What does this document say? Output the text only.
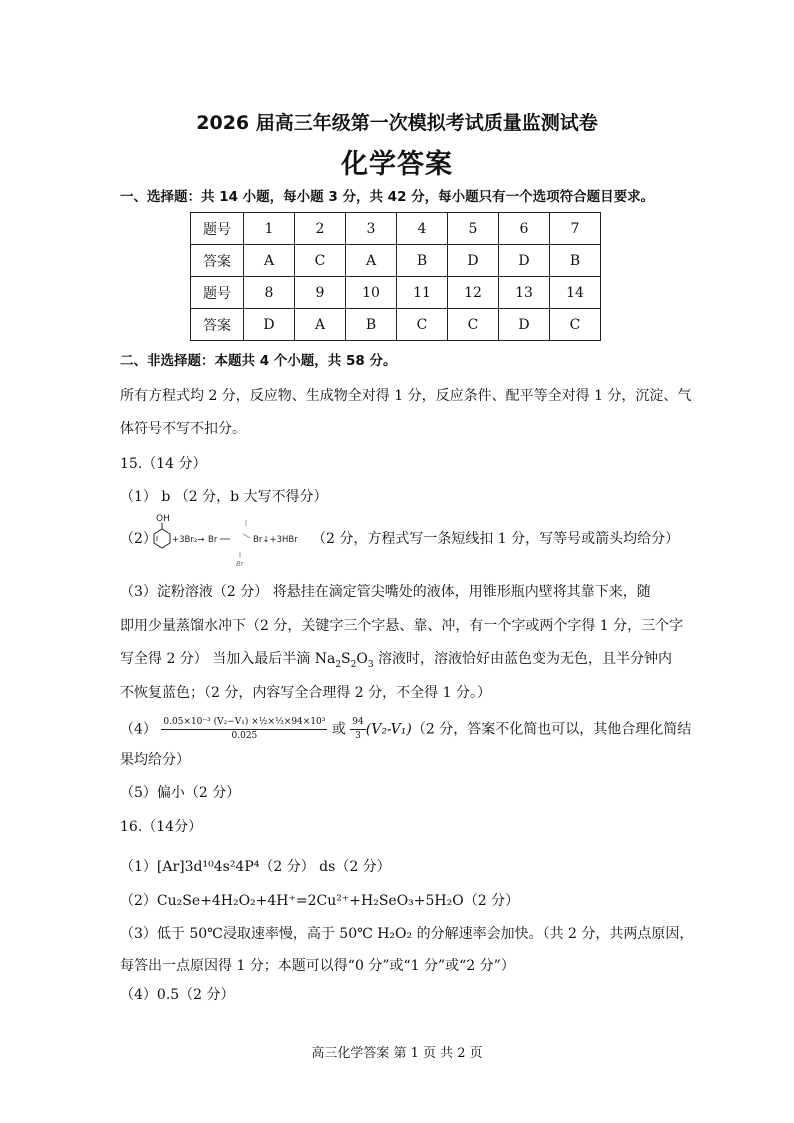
2026 届高三年级第一次模拟考试质量监测试卷
化学答案
一、选择题：共 14 小题，每小题 3 分，共 42 分，每小题只有一个选项符合题目要求。
题号	1	2	3	4	5	6	7
答案	A	C	A	B	D	D	B
题号	8	9	10	11	12	13	14
答案	D	A	B	C	C	D	C
二、非选择题：本题共 4 个小题，共 58 分。
所有方程式均 2 分，反应物、生成物全对得 1 分，反应条件、配平等全对得 1 分，沉淀、气
体符号不写不扣分。
15.（14 分）
（1） b （2 分，b 大写不得分）
（2）
OH
+3Br₂→ Br	Br↓+3HBr
Br
（2 分，方程式写一条短线扣 1 分，写等号或箭头均给分）
（3）淀粉溶液（2 分） 将悬挂在滴定管尖嘴处的液体，用锥形瓶内壁将其靠下来，随
即用少量蒸馏水冲下（2 分，关键字三个字悬、靠、冲，有一个字或两个字得 1 分，三个字
写全得 2 分） 当加入最后半滴 $Na_2S_2O_3$ 溶液时，溶液恰好由蓝色变为无色，且半分钟内
不恢复蓝色；（2 分，内容写全合理得 2 分，不全得 1 分。）
$(4) \frac{\text{0.05×10⁻³ (V₂−V₁) ×½×⅓×94×10³}}{0.025}$ 或 $\frac{94}{3} (V_2-V_1)(2$ 分，答案不化简也可以，其他合理化简结
果均给分）
（5）偏小（2 分）
16.（14分）
（1）[Ar]3d¹⁰4s²4P⁴（2 分） ds（2 分）
（2）Cu₂Se+4H₂O₂+4H⁺=2Cu²⁺+H₂SeO₃+5H₂O（2 分）
（3）低于 50℃浸取速率慢，高于 50℃ H₂O₂ 的分解速率会加快。（共 2 分，共两点原因，
每答出一点原因得 1 分；本题可以得“0 分”或“1 分”或“2 分”）
（4）0.5（2 分）
高三化学答案 第 1 页 共 2 页
